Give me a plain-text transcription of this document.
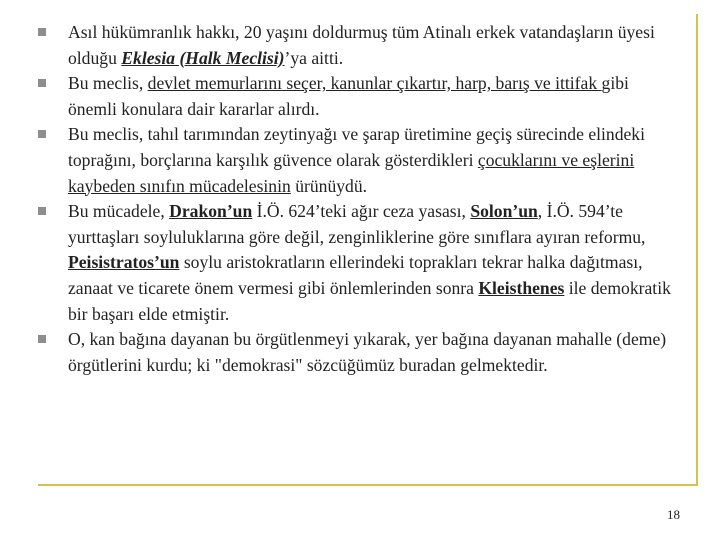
Asıl hükümranlık hakkı, 20 yaşını doldurmuş tüm Atinalı erkek vatandaşların üyesi olduğu Eklesia (Halk Meclisi)’ya aitti.
Bu meclis, devlet memurlarını seçer, kanunlar çıkartır, harp, barış ve ittifak gibi önemli konulara dair kararlar alırdı.
Bu meclis, tahıl tarımından zeytinyağı ve şarap üretimine geçiş sürecinde elindeki toprağını, borçlarına karşılık güvence olarak gösterdikleri çocuklarını ve eşlerini kaybeden sınıfın mücadelesinin ürünüydü.
Bu mücadele, Drakon’un İ.Ö. 624’teki ağır ceza yasası, Solon’un, İ.Ö. 594’te yurttaşları soyluluklarına göre değil, zenginliklerine göre sınıflara ayıran reformu, Peisistratos’un soylu aristokratların ellerindeki toprakları tekrar halka dağıtması, zanaat ve ticarete önem vermesi gibi önlemlerinden sonra Kleisthenes ile demokratik bir başarı elde etmiştir.
O, kan bağına dayanan bu örgütlenmeyi yıkarak, yer bağına dayanan mahalle (deme) örgütlerini kurdu; ki "demokrasi" sözcüğümüz buradan gelmektedir.
18
